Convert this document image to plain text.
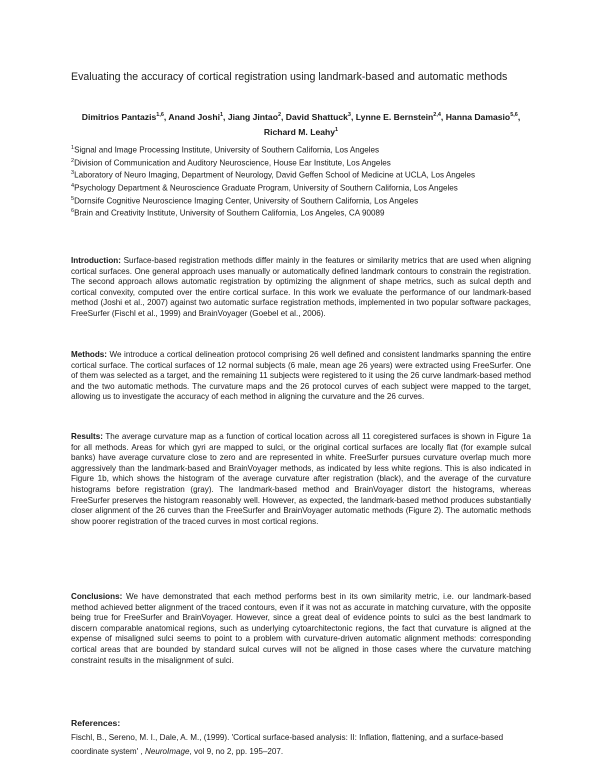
Evaluating the accuracy of cortical registration using landmark-based and automatic methods
Dimitrios Pantazis$^{1,6}$, Anand Joshi$^1$, Jiang Jintao$^2$, David Shattuck$^3$, Lynne E. Bernstein$^{2,4}$, Hanna Damasio$^{5,6}$, Richard M. Leahy$^1$
$^1$Signal and Image Processing Institute, University of Southern California, Los Angeles
$^2$Division of Communication and Auditory Neuroscience, House Ear Institute, Los Angeles
$^3$Laboratory of Neuro Imaging, Department of Neurology, David Geffen School of Medicine at UCLA, Los Angeles
$^4$Psychology Department & Neuroscience Graduate Program, University of Southern California, Los Angeles
$^5$Dornsife Cognitive Neuroscience Imaging Center, University of Southern California, Los Angeles
$^6$Brain and Creativity Institute, University of Southern California, Los Angeles, CA 90089

Introduction: Surface-based registration methods differ mainly in the features or similarity metrics that are used when aligning cortical surfaces. One general approach uses manually or automatically defined landmark contours to constrain the registration. The second approach allows automatic registration by optimizing the alignment of shape metrics, such as sulcal depth and cortical convexity, computed over the entire cortical surface. In this work we evaluate the performance of our landmark-based method (Joshi et al., 2007) against two automatic surface registration methods, implemented in two popular software packages, FreeSurfer (Fischl et al., 1999) and BrainVoyager (Goebel et al., 2006).

Methods: We introduce a cortical delineation protocol comprising 26 well defined and consistent landmarks spanning the entire cortical surface. The cortical surfaces of 12 normal subjects (6 male, mean age 26 years) were extracted using FreeSurfer. One of them was selected as a target, and the remaining 11 subjects were registered to it using the 26 curve landmark-based method and the two automatic methods. The curvature maps and the 26 protocol curves of each subject were mapped to the target, allowing us to investigate the accuracy of each method in aligning the curvature and the 26 curves.

Results: The average curvature map as a function of cortical location across all 11 coregistered surfaces is shown in Figure 1a for all methods. Areas for which gyri are mapped to sulci, or the original cortical surfaces are locally flat (for example sulcal banks) have average curvature close to zero and are represented in white. FreeSurfer pursues curvature overlap much more aggressively than the landmark-based and BrainVoyager methods, as indicated by less white regions. This is also indicated in Figure 1b, which shows the histogram of the average curvature after registration (black), and the average of the curvature histograms before registration (gray). The landmark-based method and BrainVoyager distort the histograms, whereas FreeSurfer preserves the histogram reasonably well. However, as expected, the landmark-based method produces substantially closer alignment of the 26 curves than the FreeSurfer and BrainVoyager automatic methods (Figure 2). The automatic methods show poorer registration of the traced curves in most cortical regions.

Conclusions: We have demonstrated that each method performs best in its own similarity metric, i.e. our landmark-based method achieved better alignment of the traced contours, even if it was not as accurate in matching curvature, with the opposite being true for FreeSurfer and BrainVoyager. However, since a great deal of evidence points to sulci as the best landmark to discern comparable anatomical regions, such as underlying cytoarchitectonic regions, the fact that curvature is aligned at the expense of misaligned sulci seems to point to a problem with curvature-driven automatic alignment methods: corresponding cortical areas that are bounded by standard sulcal curves will not be aligned in those cases where the curvature matching constraint results in the misalignment of sulci.

References:
Fischl, B., Sereno, M. I., Dale, A. M., (1999). 'Cortical surface-based analysis: II: Inflation, flattening, and a surface-based coordinate system' , NeuroImage, vol 9, no 2, pp. 195–207.
